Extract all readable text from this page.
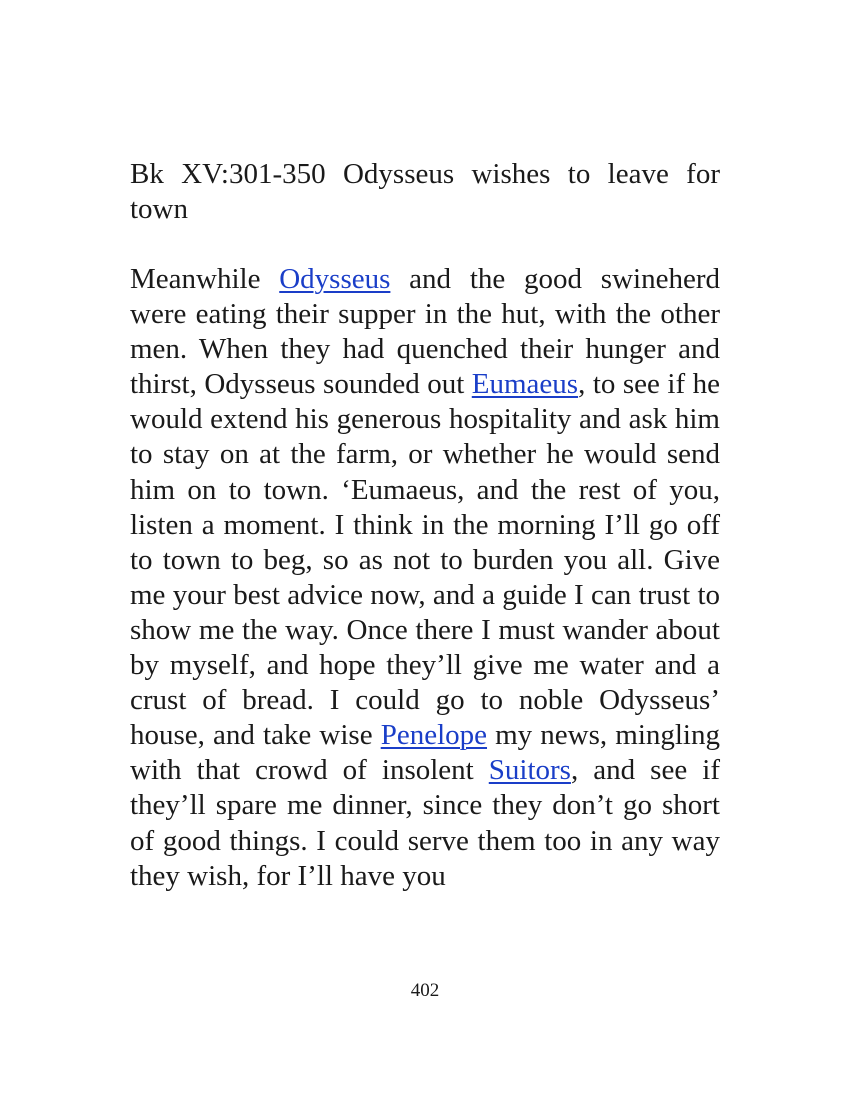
Bk XV:301-350 Odysseus wishes to leave for town

Meanwhile Odysseus and the good swineherd were eating their supper in the hut, with the other men. When they had quenched their hunger and thirst, Odysseus sounded out Eumaeus, to see if he would extend his generous hospitality and ask him to stay on at the farm, or whether he would send him on to town. ‘Eumaeus, and the rest of you, listen a moment. I think in the morning I’ll go off to town to beg, so as not to burden you all. Give me your best advice now, and a guide I can trust to show me the way. Once there I must wander about by myself, and hope they’ll give me water and a crust of bread. I could go to noble Odysseus’ house, and take wise Penelope my news, mingling with that crowd of insolent Suitors, and see if they’ll spare me dinner, since they don’t go short of good things. I could serve them too in any way they wish, for I’ll have you

402
